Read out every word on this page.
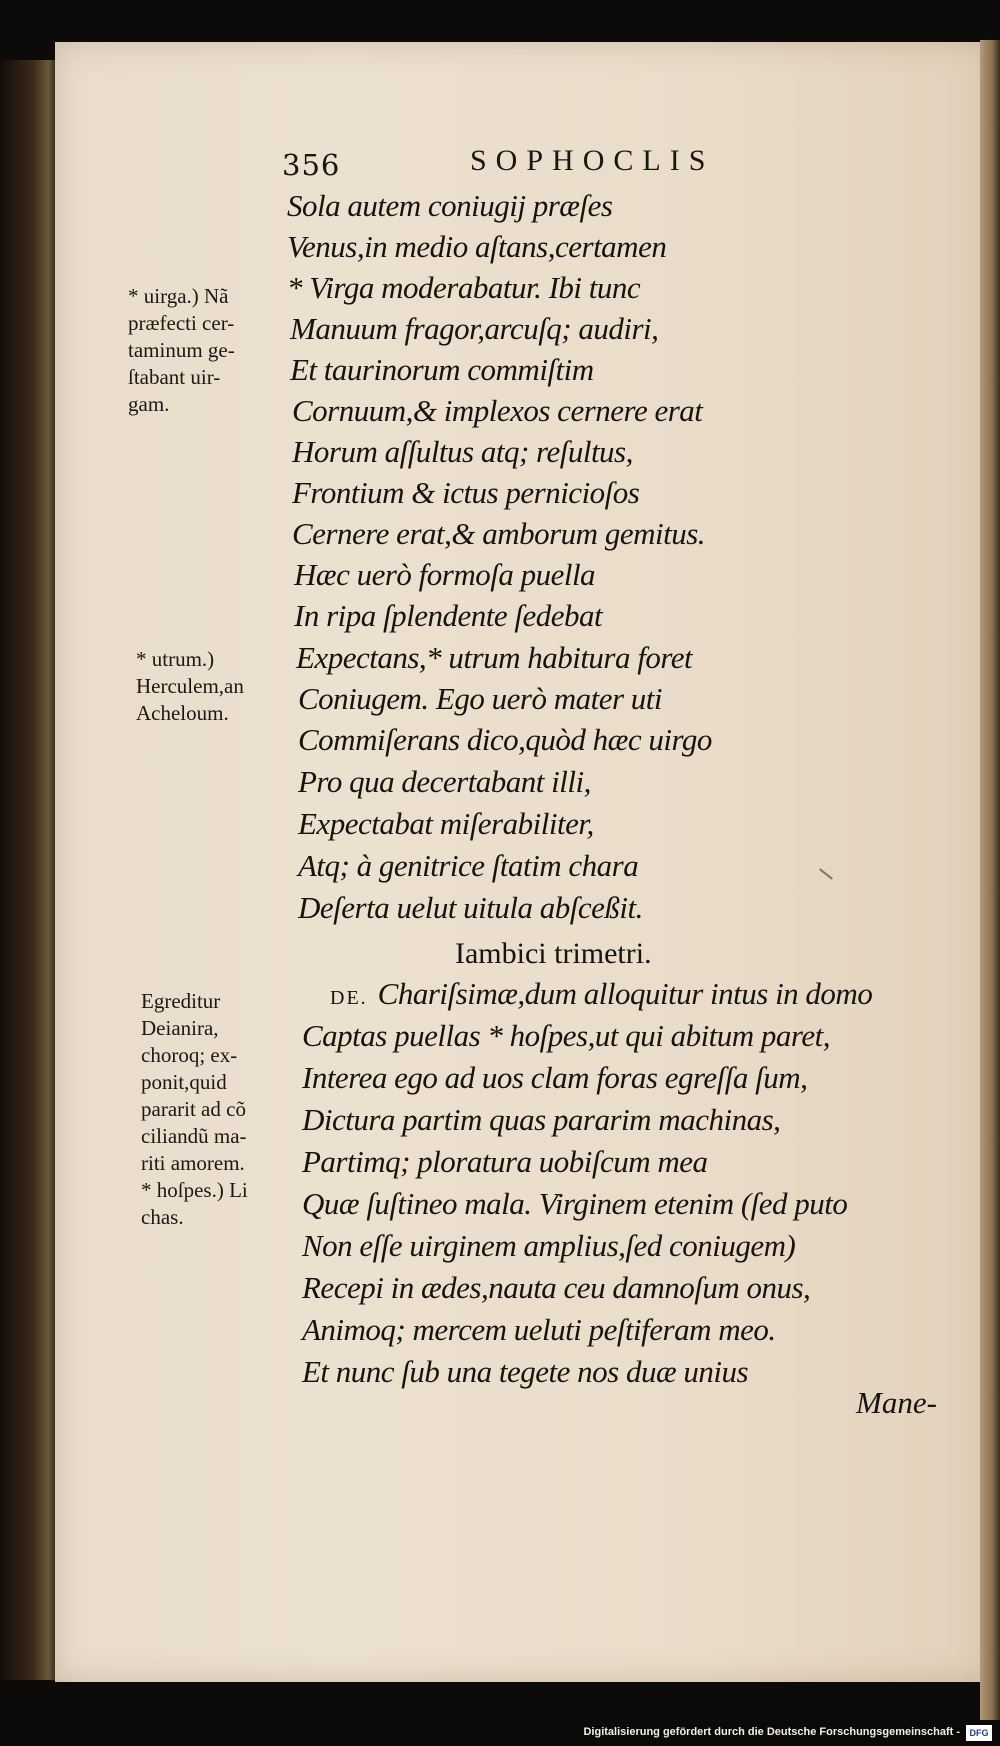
356	SOPHOCLIS
Sola autem coniugij præſes
Venus,in medio aſtans,certamen
* Virga moderabatur. Ibi tunc
Manuum fragor,arcuſq; audiri,
Et taurinorum commiſtim
Cornuum,& implexos cernere erat
Horum aſſultus atq; reſultus,
Frontium & ictus pernicioſos
Cernere erat,& amborum gemitus.
Hæc uerò formoſa puella
In ripa ſplendente ſedebat
Expectans,* utrum habitura foret
Coniugem. Ego uerò mater uti
Commiſerans dico,quòd hæc uirgo
Pro qua decertabant illi,
Expectabat miſerabiliter,
Atq; à genitrice ſtatim chara
Deſerta uelut uitula abſceßit.
Iambici trimetri.
DE. Chariſsimæ,dum alloquitur intus in domo
Captas puellas * hoſpes,ut qui abitum paret,
Interea ego ad uos clam foras egreſſa ſum,
Dictura partim quas pararim machinas,
Partimq; ploratura uobiſcum mea
Quæ ſuſtineo mala. Virginem etenim (ſed puto
Non eſſe uirginem amplius,ſed coniugem)
Recepi in ædes,nauta ceu damnoſum onus,
Animoq; mercem ueluti peſtiferam meo.
Et nunc ſub una tegete nos duæ unius
Mane-
* uirga.) Nã
præfecti cer-
taminum ge-
ſtabant uir-
gam.
* utrum.)
Herculem,an
Acheloum.
Egreditur
Deianira,
choroq; ex-
ponit,quid
pararit ad cõ
ciliandũ ma-
riti amorem.
* hoſpes.) Li
chas.
Digitalisierung gefördert durch die Deutsche Forschungsgemeinschaft -	DFG
